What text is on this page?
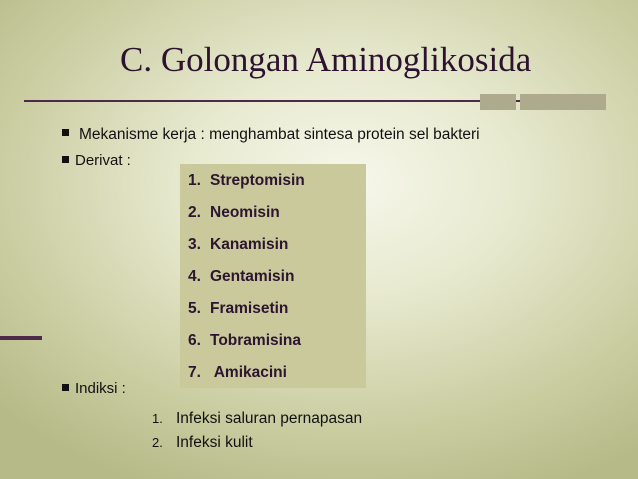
C. Golongan Aminoglikosida
Mekanisme kerja : menghambat sintesa protein sel bakteri
Derivat :
1. Streptomisin
2. Neomisin
3. Kanamisin
4. Gentamisin
5. Framisetin
6. Tobramisina
7. Amikacini
Indiksi :
1. Infeksi saluran pernapasan
2. Infeksi kulit
